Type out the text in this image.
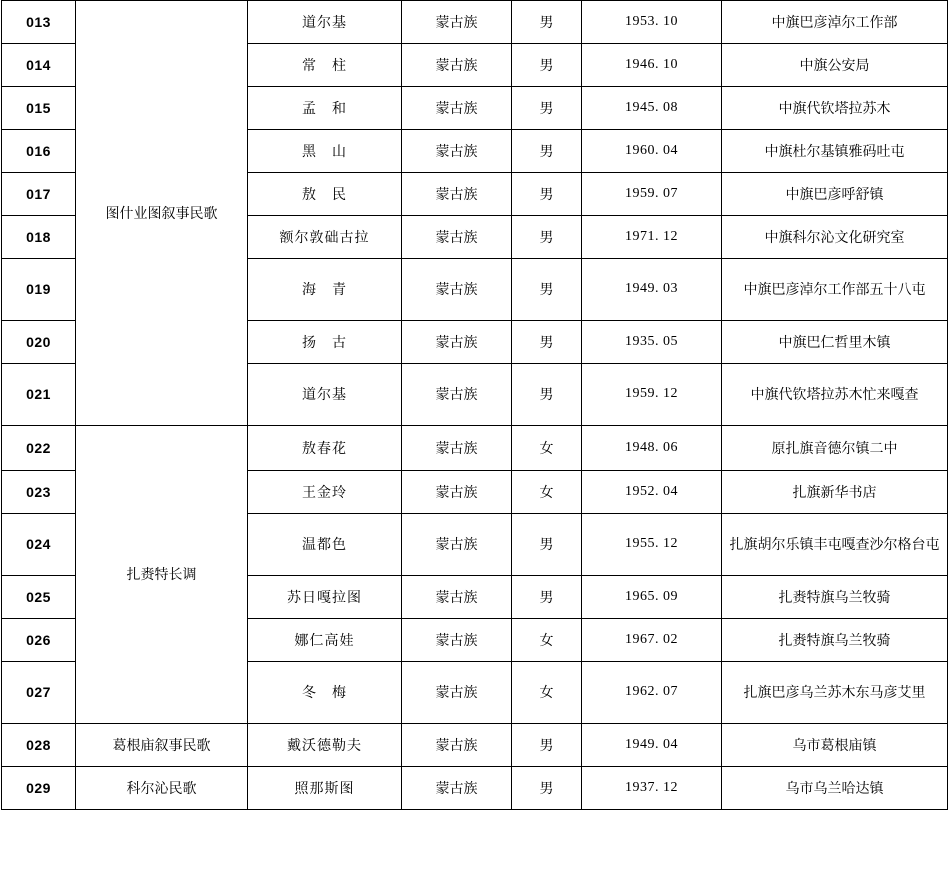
013	图什业图叙事民歌	道尔基	蒙古族	男	1953. 10	中旗巴彦淖尔工作部
014		常　柱	蒙古族	男	1946. 10	中旗公安局
015		孟　和	蒙古族	男	1945. 08	中旗代钦塔拉苏木
016		黑　山	蒙古族	男	1960. 04	中旗杜尔基镇雅码吐屯
017		敖　民	蒙古族	男	1959. 07	中旗巴彦呼舒镇
018		额尔敦础古拉	蒙古族	男	1971. 12	中旗科尔沁文化研究室
019		海　青	蒙古族	男	1949. 03	中旗巴彦淖尔工作部五十八屯
020		扬　古	蒙古族	男	1935. 05	中旗巴仁哲里木镇
021		道尔基	蒙古族	男	1959. 12	中旗代钦塔拉苏木忙来嘎查
022	扎赉特长调	敖春花	蒙古族	女	1948. 06	原扎旗音德尔镇二中
023		王金玲	蒙古族	女	1952. 04	扎旗新华书店
024		温都色	蒙古族	男	1955. 12	扎旗胡尔乐镇丰屯嘎查沙尔格台屯
025		苏日嘎拉图	蒙古族	男	1965. 09	扎赉特旗乌兰牧骑
026		娜仁高娃	蒙古族	女	1967. 02	扎赉特旗乌兰牧骑
027		冬　梅	蒙古族	女	1962. 07	扎旗巴彦乌兰苏木东马彦艾里
028	葛根庙叙事民歌	戴沃德勒夫	蒙古族	男	1949. 04	乌市葛根庙镇
029	科尔沁民歌	照那斯图	蒙古族	男	1937. 12	乌市乌兰哈达镇
